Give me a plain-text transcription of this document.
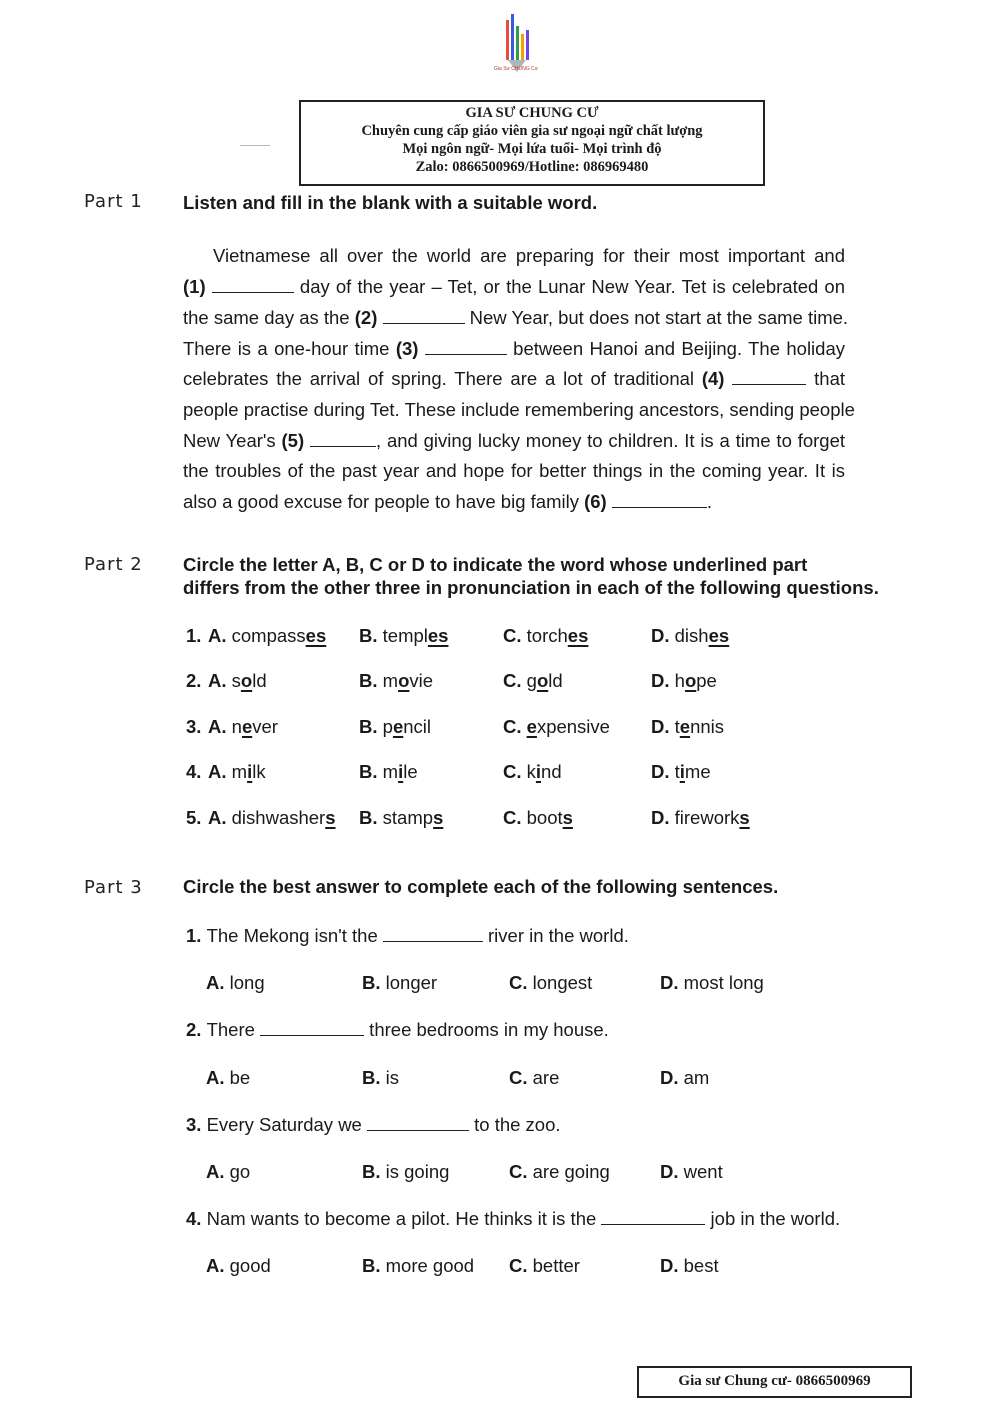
Gia Sư CHUNG Cư
GIA SƯ CHUNG CƯ
Chuyên cung cấp giáo viên gia sư ngoại ngữ chất lượng
Mọi ngôn ngữ- Mọi lứa tuổi- Mọi trình độ
Zalo: 0866500969/Hotline: 086969480
Part 1 Listen and fill in the blank with a suitable word.
Vietnamese all over the world are preparing for their most important and
(1)	day of the year – Tet, or the Lunar New Year. Tet is celebrated on
the same day as the (2)	New Year, but does not start at the same time.
There is a one-hour time (3)	between Hanoi and Beijing. The holiday
celebrates the arrival of spring. There are a lot of traditional (4)	that
people practise during Tet. These include remembering ancestors, sending people
New Year's (5)	, and giving lucky money to children. It is a time to forget
the troubles of the past year and hope for better things in the coming year. It is
also a good excuse for people to have big family (6)	.
Part 2 Circle the letter A, B, C or D to indicate the word whose underlined part
differs from the other three in pronunciation in each of the following questions.
1. A. compasses B. temples	C. torches	D. dishes
2. A. sold	B. movie	C. gold	D. hope
3. A. never	B. pencil	C. expensive D. tennis
4. A. milk	B. mile	C. kind	D. time
5. A. dishwashers B. stamps	C. boots	D. fireworks
Part 3 Circle the best answer to complete each of the following sentences.
1. The Mekong isn't the	river in the world.
A. long	B. longer	C. longest	D. most long
2. There	three bedrooms in my house.
A. be	B. is	C. are	D. am
3. Every Saturday we	to the zoo.
A. go	B. is going	C. are going	D. went
4. Nam wants to become a pilot. He thinks it is the	job in the world.
A. good	B. more good C. better	D. best
Gia sư Chung cư- 0866500969
